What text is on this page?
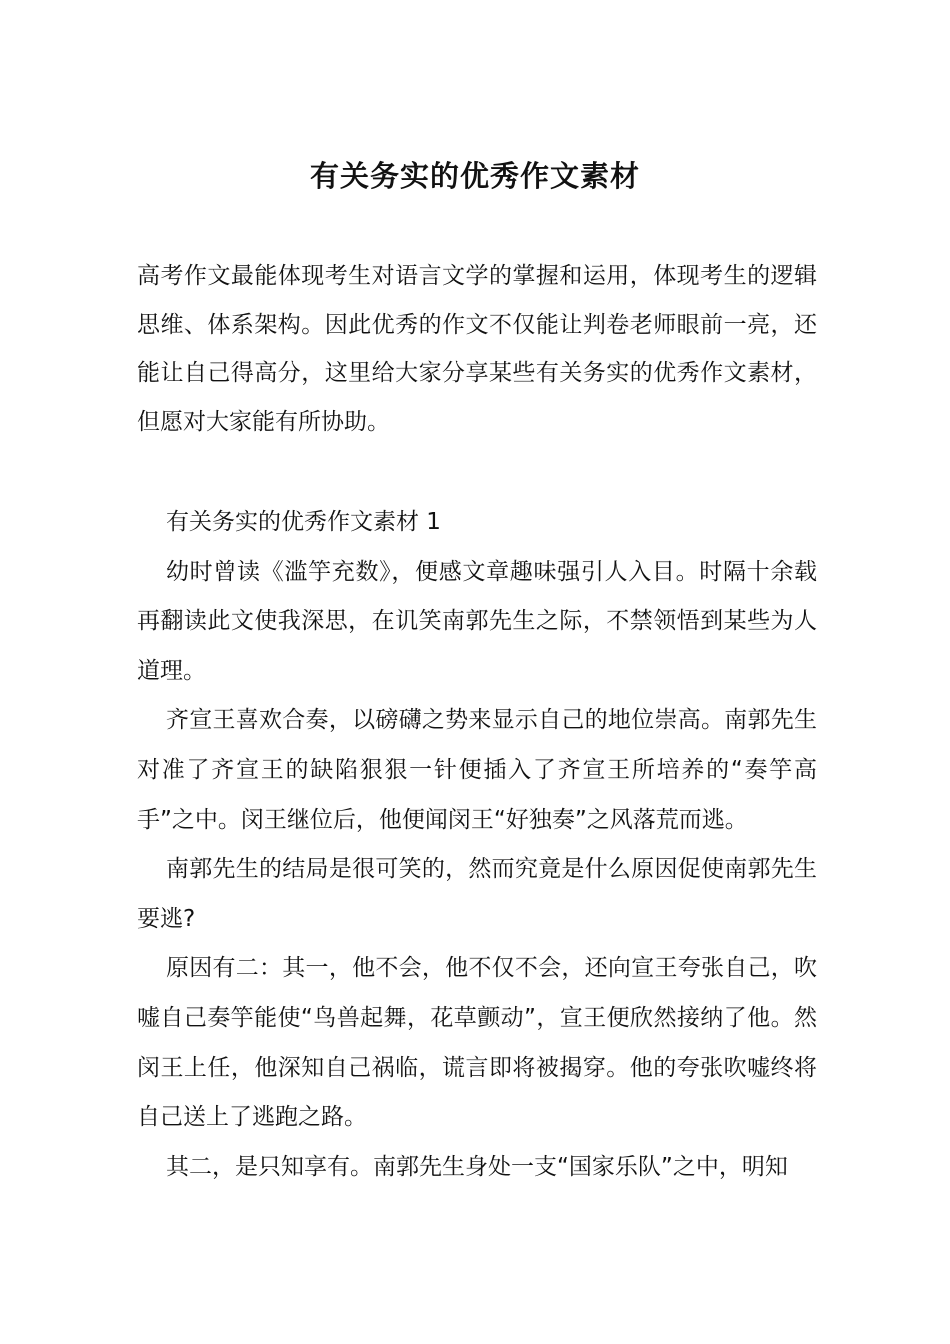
有关务实的优秀作文素材
高考作文最能体现考生对语言文学的掌握和运用，体现考生的逻辑思维、体系架构。因此优秀的作文不仅能让判卷老师眼前一亮，还能让自己得高分，这里给大家分享某些有关务实的优秀作文素材，但愿对大家能有所协助。

有关务实的优秀作文素材 1

幼时曾读《滥竽充数》，便感文章趣味强引人入目。时隔十余载再翻读此文使我深思，在讥笑南郭先生之际，不禁领悟到某些为人道理。

齐宣王喜欢合奏，以磅礴之势来显示自己的地位崇高。南郭先生对准了齐宣王的缺陷狠狠一针便插入了齐宣王所培养的“奏竽高手”之中。闵王继位后，他便闻闵王“好独奏”之风落荒而逃。

南郭先生的结局是很可笑的，然而究竟是什么原因促使南郭先生要逃?

原因有二：其一，他不会，他不仅不会，还向宣王夸张自己，吹嘘自己奏竽能使“鸟兽起舞，花草颤动”，宣王便欣然接纳了他。然闵王上任，他深知自己祸临，谎言即将被揭穿。他的夸张吹嘘终将自己送上了逃跑之路。

其二，是只知享有。南郭先生身处一支“国家乐队”之中，明知
